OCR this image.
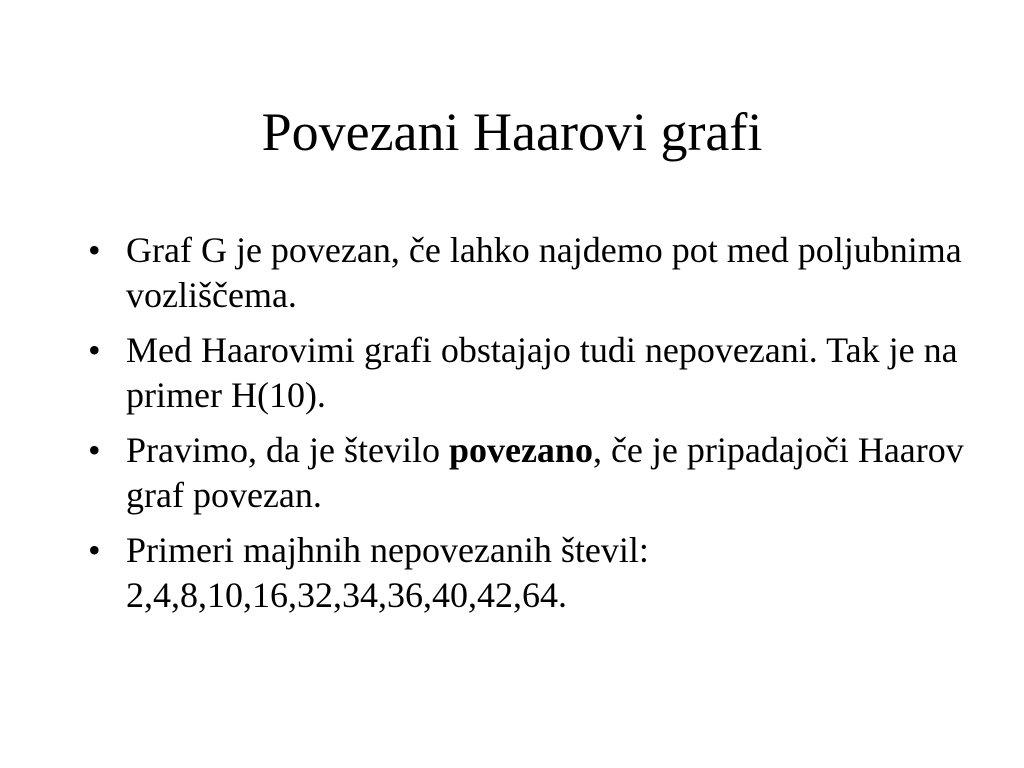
Povezani Haarovi grafi
• Graf G je povezan, če lahko najdemo pot med poljubnima vozliščema.
• Med Haarovimi grafi obstajajo tudi nepovezani. Tak je na primer H(10).
• Pravimo, da je število povezano, če je pripadajoči Haarov graf povezan.
• Primeri majhnih nepovezanih števil: 2,4,8,10,16,32,34,36,40,42,64.
